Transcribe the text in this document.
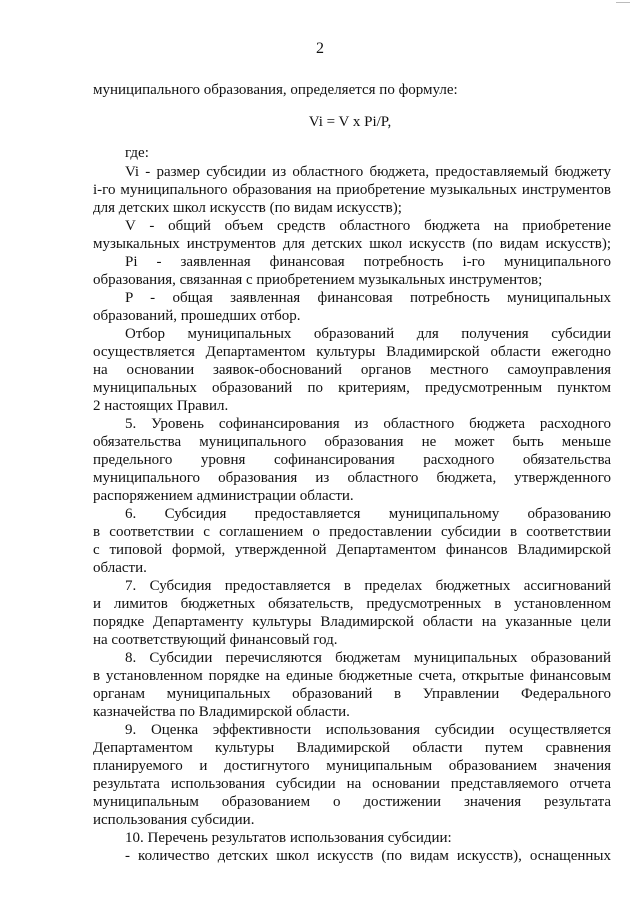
2
муниципального образования, определяется по формуле:
Vi = V x Pi/P,
где:
Vi - размер субсидии из областного бюджета, предоставляемый бюджету
i-го муниципального образования на приобретение музыкальных инструментов
для детских школ искусств (по видам искусств);
V - общий объем средств областного бюджета на приобретение
музыкальных инструментов для детских школ искусств (по видам искусств);
Pi - заявленная финансовая потребность i-го муниципального
образования, связанная с приобретением музыкальных инструментов;
P - общая заявленная финансовая потребность муниципальных
образований, прошедших отбор.
Отбор муниципальных образований для получения субсидии
осуществляется Департаментом культуры Владимирской области ежегодно
на основании заявок-обоснований органов местного самоуправления
муниципальных образований по критериям, предусмотренным пунктом
2 настоящих Правил.
5. Уровень софинансирования из областного бюджета расходного
обязательства муниципального образования не может быть меньше
предельного уровня софинансирования расходного обязательства
муниципального образования из областного бюджета, утвержденного
распоряжением администрации области.
6. Субсидия предоставляется муниципальному образованию
в соответствии с соглашением о предоставлении субсидии в соответствии
с типовой формой, утвержденной Департаментом финансов Владимирской
области.
7. Субсидия предоставляется в пределах бюджетных ассигнований
и лимитов бюджетных обязательств, предусмотренных в установленном
порядке Департаменту культуры Владимирской области на указанные цели
на соответствующий финансовый год.
8. Субсидии перечисляются бюджетам муниципальных образований
в установленном порядке на единые бюджетные счета, открытые финансовым
органам муниципальных образований в Управлении Федерального
казначейства по Владимирской области.
9. Оценка эффективности использования субсидии осуществляется
Департаментом культуры Владимирской области путем сравнения
планируемого и достигнутого муниципальным образованием значения
результата использования субсидии на основании представляемого отчета
муниципальным образованием о достижении значения результата
использования субсидии.
10. Перечень результатов использования субсидии:
- количество детских школ искусств (по видам искусств), оснащенных
